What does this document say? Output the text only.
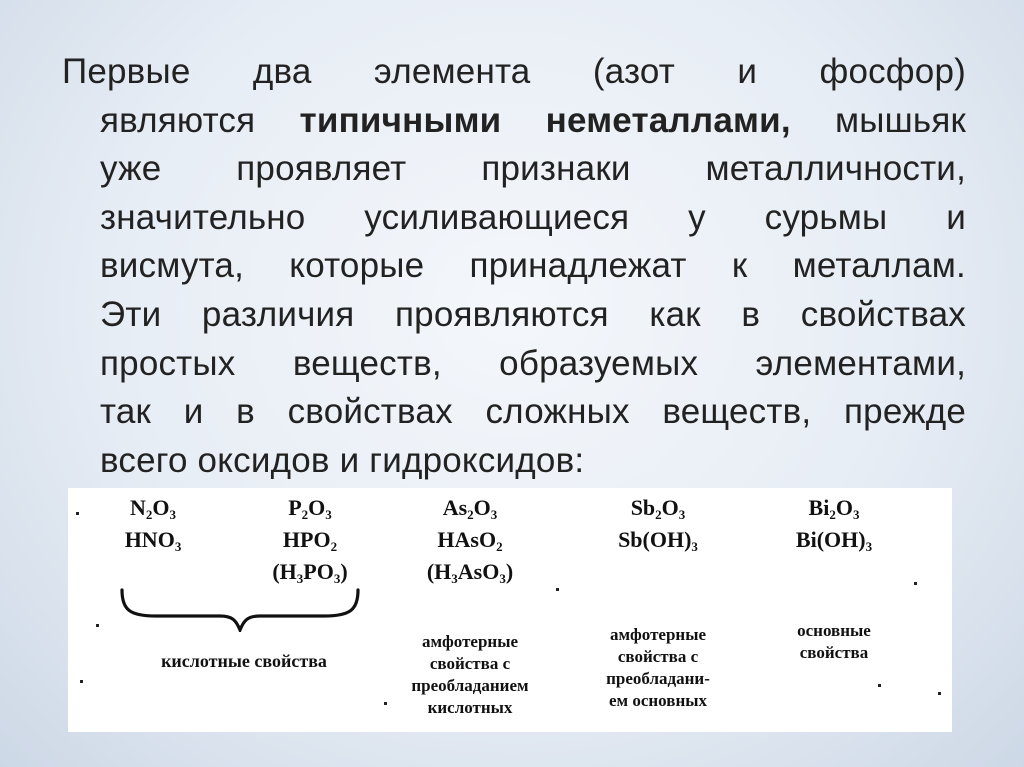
Первые два элемента (азот и фосфор)
являются типичными неметаллами, мышьяк
уже проявляет признаки металличности,
значительно усиливающиеся у сурьмы и
висмута, которые принадлежат к металлам.
Эти различия проявляются как в свойствах
простых веществ, образуемых элементами,
так и в свойствах сложных веществ, прежде
всего оксидов и гидроксидов:
$N_2O_3$
$HNO_3$
$P_2O_3$
$HPO_2$
$(H_3PO_3)$
$As_2O_3$
HAsO$_2$
$(H_3AsO_3)$
$Sb_2O_3$
$Sb(OH)_3$
$Bi_2O_3$
$Bi(OH)_3$
кислотные свойства
амфотерные
свойства с
преобладанием
кислотных
амфотерные
свойства с
преобладани-
ем основных
основные
свойства
